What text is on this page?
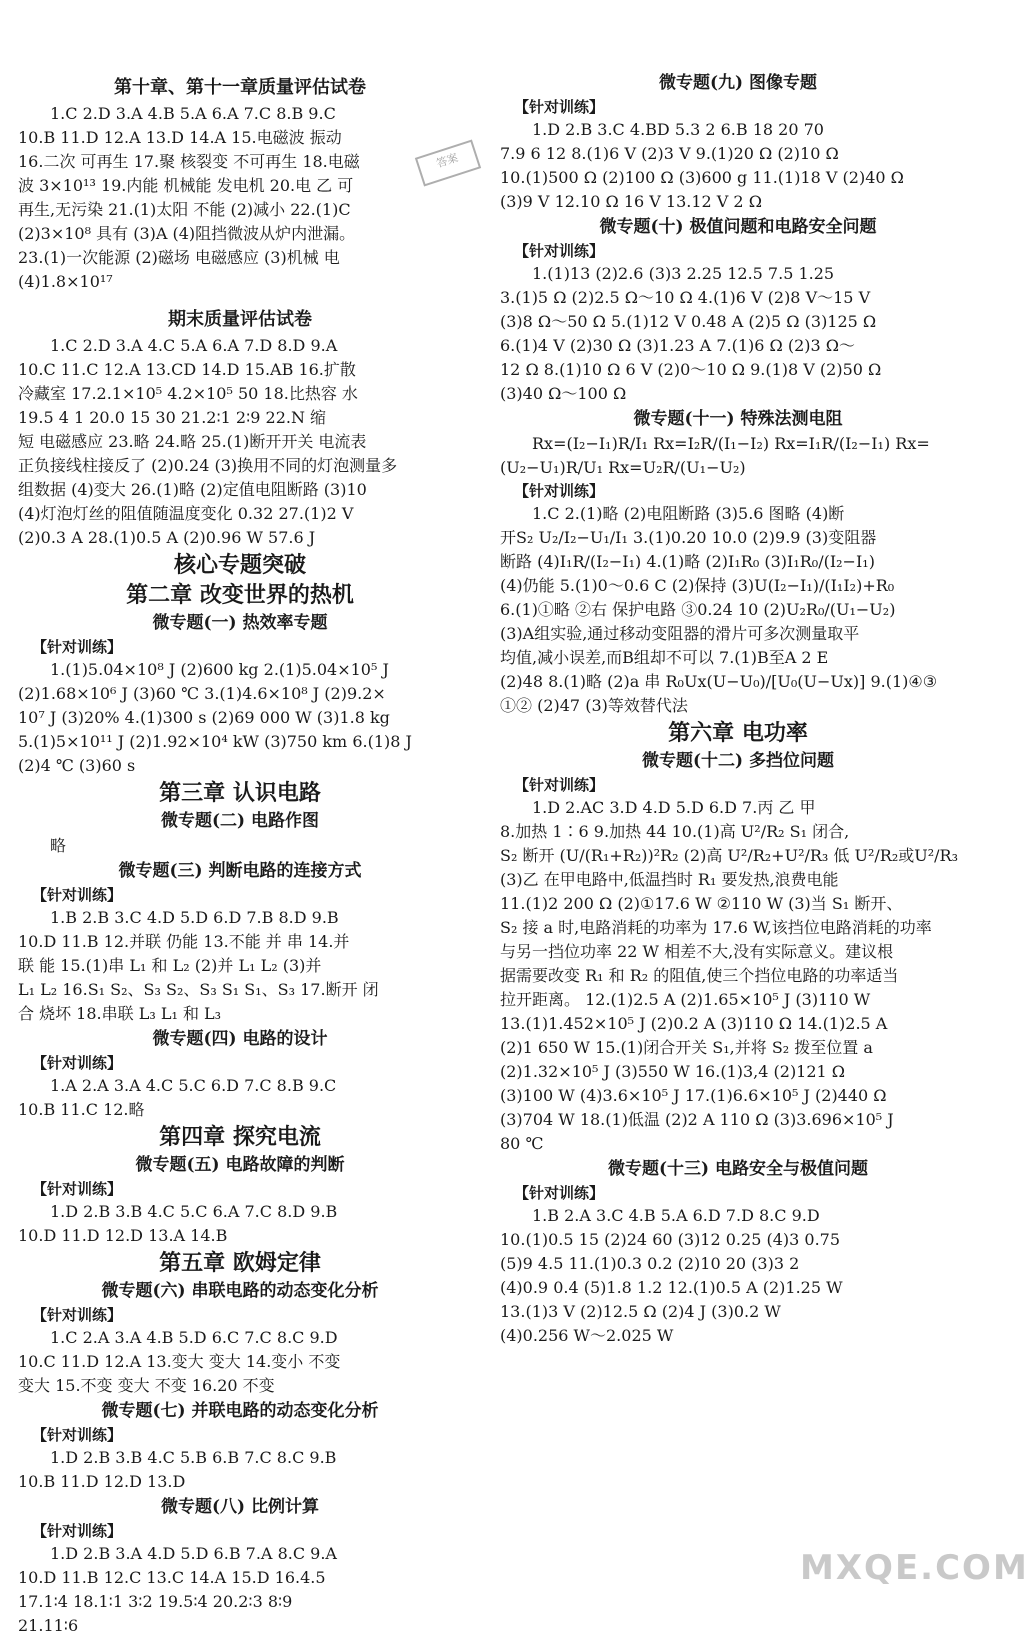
第十章、第十一章质量评估试卷
1.C 2.D 3.A 4.B 5.A 6.A 7.C 8.B 9.C
10.B 11.D 12.A 13.D 14.A 15.电磁波 振动
16.二次 可再生 17.聚 核裂变 不可再生 18.电磁
波 3×10¹³ 19.内能 机械能 发电机 20.电 乙 可
再生,无污染 21.(1)太阳 不能 (2)减小 22.(1)C
(2)3×10⁸ 具有 (3)A (4)阻挡微波从炉内泄漏。
23.(1)一次能源 (2)磁场 电磁感应 (3)机械 电
(4)1.8×10¹⁷
期末质量评估试卷
1.C 2.D 3.A 4.C 5.A 6.A 7.D 8.D 9.A
10.C 11.C 12.A 13.CD 14.D 15.AB 16.扩散
冷藏室 17.2.1×10⁵ 4.2×10⁵ 50 18.比热容 水
19.5 4 1 20.0 15 30 21.2∶1 2∶9 22.N 缩
短 电磁感应 23.略 24.略 25.(1)断开开关 电流表
正负接线柱接反了 (2)0.24 (3)换用不同的灯泡测量多
组数据 (4)变大 26.(1)略 (2)定值电阻断路 (3)10
(4)灯泡灯丝的阻值随温度变化 0.32 27.(1)2 V
(2)0.3 A 28.(1)0.5 A (2)0.96 W 57.6 J
核心专题突破
第二章 改变世界的热机
微专题(一) 热效率专题
【针对训练】
1.(1)5.04×10⁸ J (2)600 kg 2.(1)5.04×10⁵ J
(2)1.68×10⁶ J (3)60 ℃ 3.(1)4.6×10⁸ J (2)9.2×
10⁷ J (3)20% 4.(1)300 s (2)69 000 W (3)1.8 kg
5.(1)5×10¹¹ J (2)1.92×10⁴ kW (3)750 km 6.(1)8 J
(2)4 ℃ (3)60 s
第三章 认识电路
微专题(二) 电路作图
略
微专题(三) 判断电路的连接方式
【针对训练】
1.B 2.B 3.C 4.D 5.D 6.D 7.B 8.D 9.B
10.D 11.B 12.并联 仍能 13.不能 并 串 14.并
联 能 15.(1)串 L₁ 和 L₂ (2)并 L₁ L₂ (3)并
L₁ L₂ 16.S₁ S₂、S₃ S₂、S₃ S₁ S₁、S₃ 17.断开 闭
合 烧坏 18.串联 L₃ L₁ 和 L₃
微专题(四) 电路的设计
【针对训练】
1.A 2.A 3.A 4.C 5.C 6.D 7.C 8.B 9.C
10.B 11.C 12.略
第四章 探究电流
微专题(五) 电路故障的判断
【针对训练】
1.D 2.B 3.B 4.C 5.C 6.A 7.C 8.D 9.B
10.D 11.D 12.D 13.A 14.B
第五章 欧姆定律
微专题(六) 串联电路的动态变化分析
【针对训练】
1.C 2.A 3.A 4.B 5.D 6.C 7.C 8.C 9.D
10.C 11.D 12.A 13.变大 变大 14.变小 不变
变大 15.不变 变大 不变 16.20 不变
微专题(七) 并联电路的动态变化分析
【针对训练】
1.D 2.B 3.B 4.C 5.B 6.B 7.C 8.C 9.B
10.B 11.D 12.D 13.D
微专题(八) 比例计算
【针对训练】
1.D 2.B 3.A 4.D 5.D 6.B 7.A 8.C 9.A
10.D 11.B 12.C 13.C 14.A 15.D 16.4.5
17.1∶4 18.1∶1 3∶2 19.5∶4 20.2∶3 8∶9
21.11∶6
微专题(九) 图像专题
【针对训练】
1.D 2.B 3.C 4.BD 5.3 2 6.B 18 20 70
7.9 6 12 8.(1)6 V (2)3 V 9.(1)20 Ω (2)10 Ω
10.(1)500 Ω (2)100 Ω (3)600 g 11.(1)18 V (2)40 Ω
(3)9 V 12.10 Ω 16 V 13.12 V 2 Ω
微专题(十) 极值问题和电路安全问题
【针对训练】
1.(1)13 (2)2.6 (3)3 2.25 12.5 7.5 1.25
3.(1)5 Ω (2)2.5 Ω～10 Ω 4.(1)6 V (2)8 V～15 V
(3)8 Ω～50 Ω 5.(1)12 V 0.48 A (2)5 Ω (3)125 Ω
6.(1)4 V (2)30 Ω (3)1.23 A 7.(1)6 Ω (2)3 Ω～
12 Ω 8.(1)10 Ω 6 V (2)0～10 Ω 9.(1)8 V (2)50 Ω
(3)40 Ω～100 Ω
微专题(十一) 特殊法测电阻
Rx=(I₂−I₁)R/I₁ Rx=I₂R/(I₁−I₂) Rx=I₁R/(I₂−I₁) Rx=
(U₂−U₁)R/U₁ Rx=U₂R/(U₁−U₂)
【针对训练】
1.C 2.(1)略 (2)电阻断路 (3)5.6 图略 (4)断
开S₂ U₂/I₂−U₁/I₁ 3.(1)0.20 10.0 (2)9.9 (3)变阻器
断路 (4)I₁R/(I₂−I₁) 4.(1)略 (2)I₁R₀ (3)I₁R₀/(I₂−I₁)
(4)仍能 5.(1)0～0.6 C (2)保持 (3)U(I₂−I₁)/(I₁I₂)+R₀
6.(1)①略 ②右 保护电路 ③0.24 10 (2)U₂R₀/(U₁−U₂)
(3)A组实验,通过移动变阻器的滑片可多次测量取平
均值,减小误差,而B组却不可以 7.(1)B至A 2 E
(2)48 8.(1)略 (2)a 串 R₀Ux(U−U₀)/[U₀(U−Ux)] 9.(1)④③
①② (2)47 (3)等效替代法
第六章 电功率
微专题(十二) 多挡位问题
【针对训练】
1.D 2.AC 3.D 4.D 5.D 6.D 7.丙 乙 甲
8.加热 1∶6 9.加热 44 10.(1)高 U²/R₂ S₁ 闭合,
S₂ 断开 (U/(R₁+R₂))²R₂ (2)高 U²/R₂+U²/R₃ 低 U²/R₂或U²/R₃
(3)乙 在甲电路中,低温挡时 R₁ 要发热,浪费电能
11.(1)2 200 Ω (2)①17.6 W ②110 W (3)当 S₁ 断开、
S₂ 接 a 时,电路消耗的功率为 17.6 W,该挡位电路消耗的功率
与另一挡位功率 22 W 相差不大,没有实际意义。建议根
据需要改变 R₁ 和 R₂ 的阻值,使三个挡位电路的功率适当
拉开距离。 12.(1)2.5 A (2)1.65×10⁵ J (3)110 W
13.(1)1.452×10⁵ J (2)0.2 A (3)110 Ω 14.(1)2.5 A
(2)1 650 W 15.(1)闭合开关 S₁,并将 S₂ 拨至位置 a
(2)1.32×10⁵ J (3)550 W 16.(1)3,4 (2)121 Ω
(3)100 W (4)3.6×10⁵ J 17.(1)6.6×10⁵ J (2)440 Ω
(3)704 W 18.(1)低温 (2)2 A 110 Ω (3)3.696×10⁵ J
80 ℃
微专题(十三) 电路安全与极值问题
【针对训练】
1.B 2.A 3.C 4.B 5.A 6.D 7.D 8.C 9.D
10.(1)0.5 15 (2)24 60 (3)12 0.25 (4)3 0.75
(5)9 4.5 11.(1)0.3 0.2 (2)10 20 (3)3 2
(4)0.9 0.4 (5)1.8 1.2 12.(1)0.5 A (2)1.25 W
13.(1)3 V (2)12.5 Ω (2)4 J (3)0.2 W
(4)0.256 W～2.025 W
答案
MXQE.COM
